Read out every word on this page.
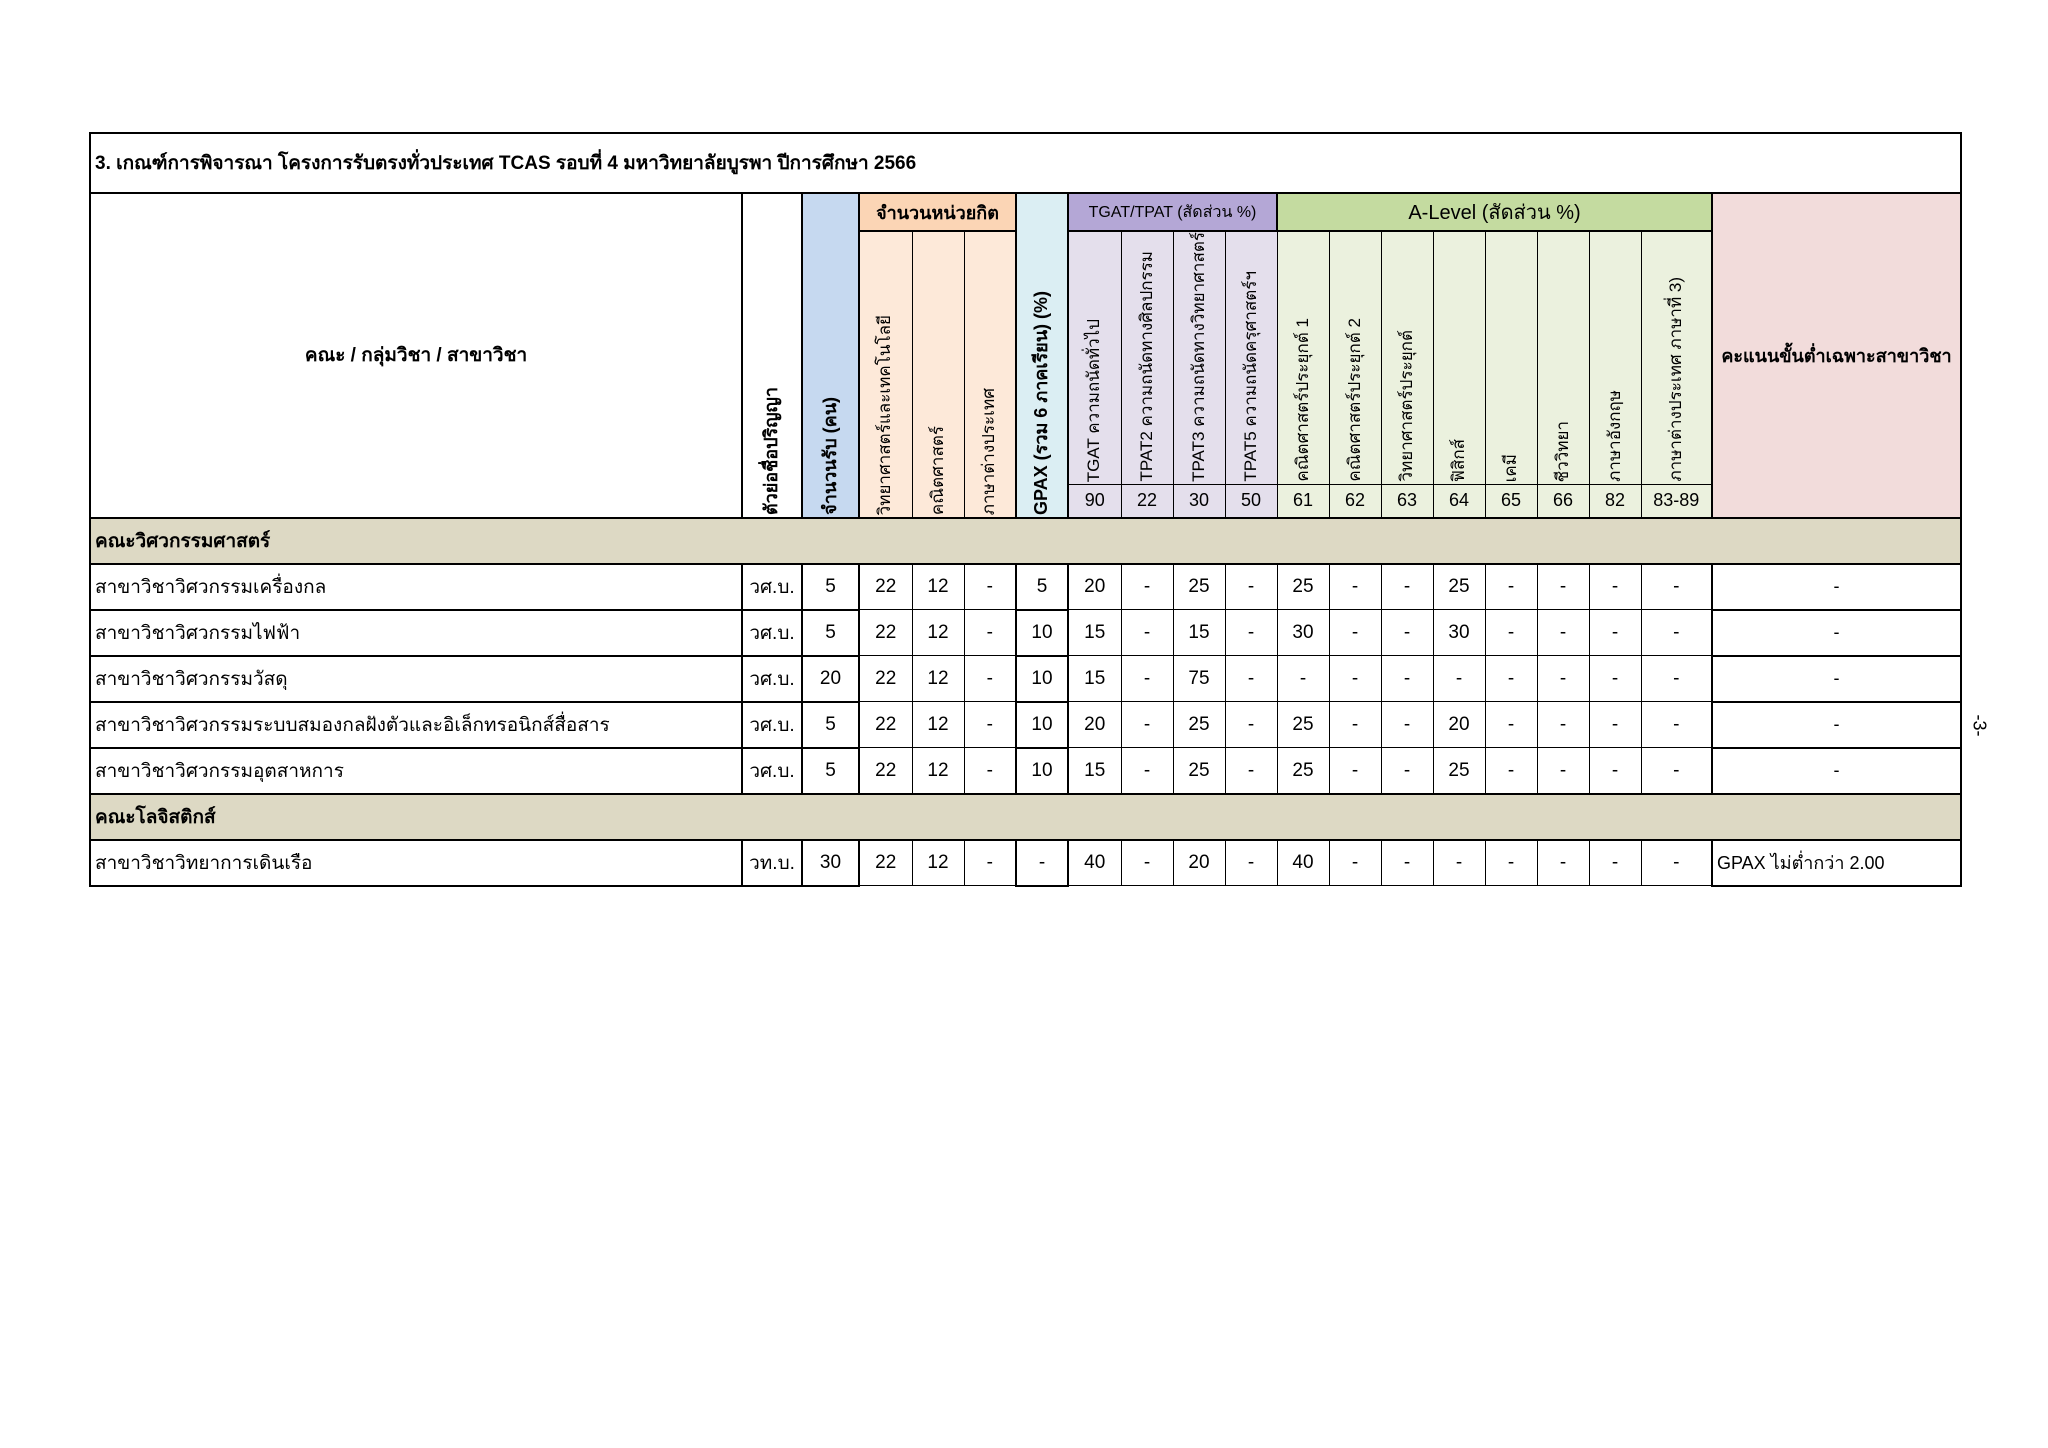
3. เกณฑ์การพิจารณา โครงการรับตรงทั่วประเทศ TCAS รอบที่ 4 มหาวิทยาลัยบูรพา ปีการศึกษา 2566																			
คณะ / กลุ่มวิชา / สาขาวิชา	ตัวย่อชื่อปริญญา	จำนวนรับ (คน)	จำนวนหน่วยกิต			GPAX (รวม 6 ภาคเรียน) (%)	TGAT/TPAT (สัดส่วน %)				A-Level (สัดส่วน %)								คะแนนขั้นต่ำเฉพาะสาขาวิชา

			วิทยาศาสตร์และเทคโนโลยี	คณิตศาสตร์	ภาษาต่างประเทศ		TGAT ความถนัดทั่วไป	TPAT2 ความถนัดทางศิลปกรรม	TPAT3 ความถนัดทางวิทยาศาสตร์	TPAT5 ความถนัดครุศาสตร์ฯ	คณิตศาสตร์ประยุกต์ 1	คณิตศาสตร์ประยุกต์ 2	วิทยาศาสตร์ประยุกต์	ฟิสิกส์	เคมี	ชีววิทยา	ภาษาอังกฤษ	ภาษาต่างประเทศ ภาษาที่ 3)	

							90	22	30	50	61	62	63	64	65	66	82	83-89	
คณะวิศวกรรมศาสตร์																			
สาขาวิชาวิศวกรรมเครื่องกล	วศ.บ.	5	22	12	-	5	20	-	25	-	25	-	-	25	-	-	-	-	-
สาขาวิชาวิศวกรรมไฟฟ้า	วศ.บ.	5	22	12	-	10	15	-	15	-	30	-	-	30	-	-	-	-	-
สาขาวิชาวิศวกรรมวัสดุ	วศ.บ.	20	22	12	-	10	15	-	75	-	-	-	-	-	-	-	-	-	-
สาขาวิชาวิศวกรรมระบบสมองกลฝังตัวและอิเล็กทรอนิกส์สื่อสาร	วศ.บ.	5	22	12	-	10	20	-	25	-	25	-	-	20	-	-	-	-	-
สาขาวิชาวิศวกรรมอุตสาหการ	วศ.บ.	5	22	12	-	10	15	-	25	-	25	-	-	25	-	-	-	-	-
คณะโลจิสติกส์																			
สาขาวิชาวิทยาการเดินเรือ	วท.บ.	30	22	12	-	-	40	-	20	-	40	-	-	-	-	-	-	-	GPAX ไม่ต่ำกว่า 2.00
-3-
